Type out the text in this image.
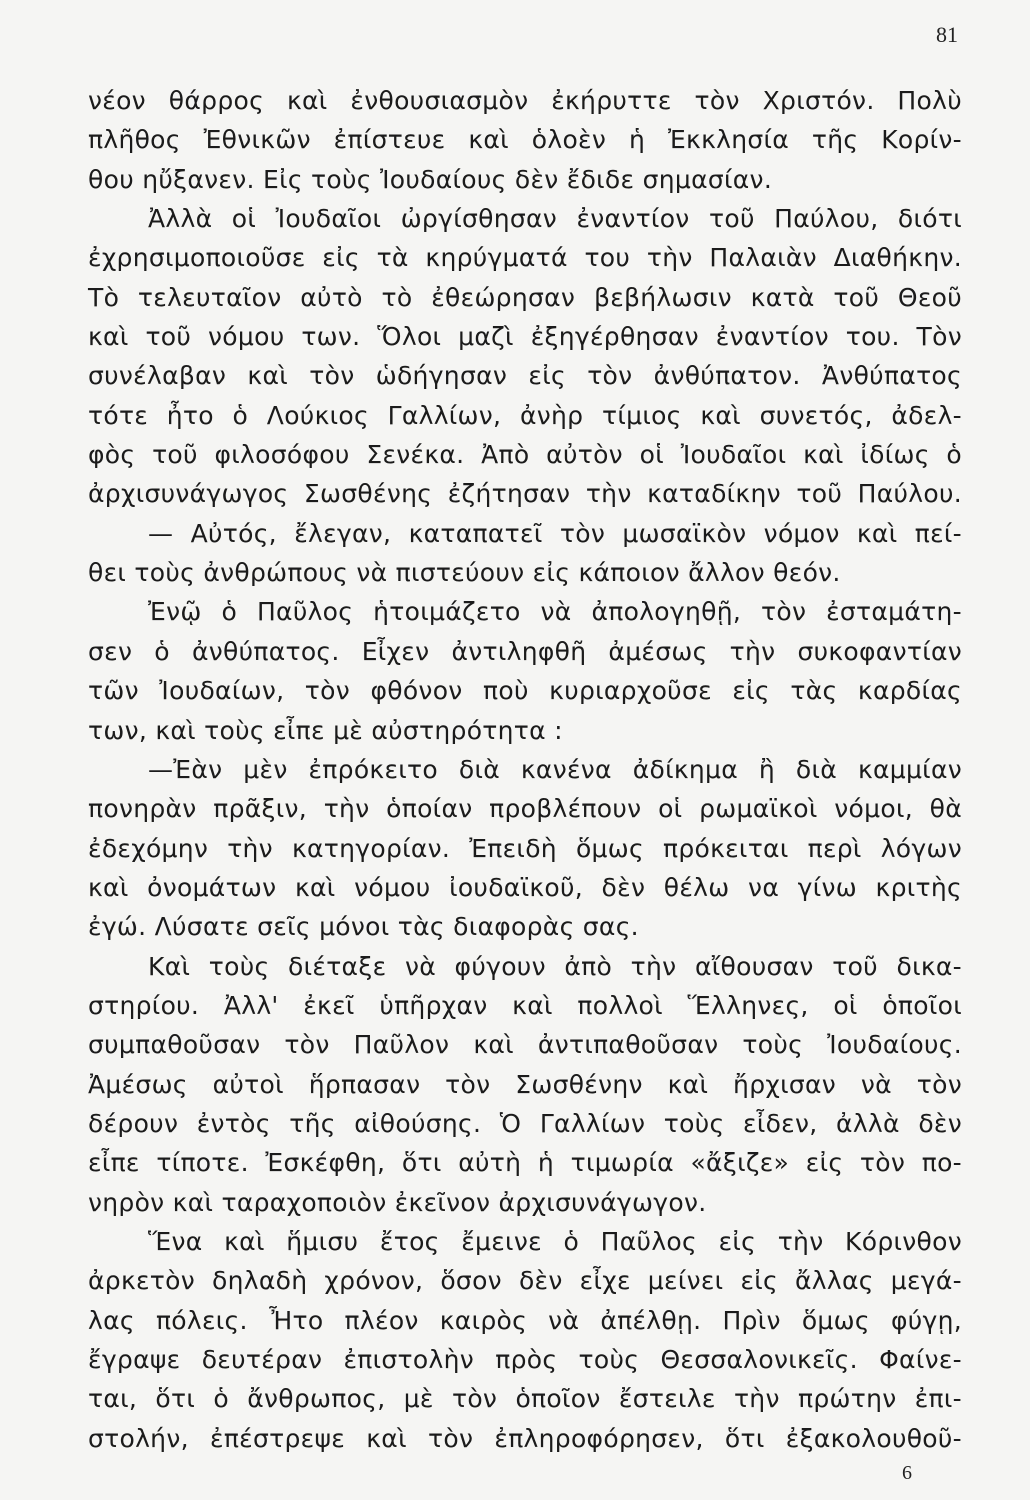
81
νέον θάρρος καὶ ἐνθουσιασμὸν ἐκήρυττε τὸν Χριστόν. Πολὺ
πλῆθος Ἐθνικῶν ἐπίστευε καὶ ὁλοὲν ἡ Ἐκκλησία τῆς Κορίν-
θου ηὔξανεν. Εἰς τοὺς Ἰουδαίους δὲν ἔδιδε σημασίαν.
Ἀλλὰ οἱ Ἰουδαῖοι ὠργίσθησαν ἐναντίον τοῦ Παύλου, διότι
ἐχρησιμοποιοῦσε εἰς τὰ κηρύγματά του τὴν Παλαιὰν Διαθήκην.
Τὸ τελευταῖον αὐτὸ τὸ ἐθεώρησαν βεβήλωσιν κατὰ τοῦ Θεοῦ
καὶ τοῦ νόμου των. Ὅλοι μαζὶ ἐξηγέρθησαν ἐναντίον του. Τὸν
συνέλαβαν καὶ τὸν ὡδήγησαν εἰς τὸν ἀνθύπατον. Ἀνθύπατος
τότε ἦτο ὁ Λούκιος Γαλλίων, ἀνὴρ τίμιος καὶ συνετός, ἀδελ-
φὸς τοῦ φιλοσόφου Σενέκα. Ἀπὸ αὐτὸν οἱ Ἰουδαῖοι καὶ ἰδίως ὁ
ἀρχισυνάγωγος Σωσθένης ἐζήτησαν τὴν καταδίκην τοῦ Παύλου.
— Αὐτός, ἔλεγαν, καταπατεῖ τὸν μωσαϊκὸν νόμον καὶ πεί-
θει τοὺς ἀνθρώπους νὰ πιστεύουν εἰς κάποιον ἄλλον θεόν.
Ἐνῷ ὁ Παῦλος ἡτοιμάζετο νὰ ἀπολογηθῇ, τὸν ἐσταμάτη-
σεν ὁ ἀνθύπατος. Εἶχεν ἀντιληφθῆ ἀμέσως τὴν συκοφαντίαν
τῶν Ἰουδαίων, τὸν φθόνον ποὺ κυριαρχοῦσε εἰς τὰς καρδίας
των, καὶ τοὺς εἶπε μὲ αὐστηρότητα :
—Ἐὰν μὲν ἐπρόκειτο διὰ κανένα ἀδίκημα ἢ διὰ καμμίαν
πονηρὰν πρᾶξιν, τὴν ὁποίαν προβλέπουν οἱ ρωμαϊκοὶ νόμοι, θὰ
ἐδεχόμην τὴν κατηγορίαν. Ἐπειδὴ ὅμως πρόκειται περὶ λόγων
καὶ ὀνομάτων καὶ νόμου ἰουδαϊκοῦ, δὲν θέλω να γίνω κριτὴς
ἐγώ. Λύσατε σεῖς μόνοι τὰς διαφορὰς σας.
Καὶ τοὺς διέταξε νὰ φύγουν ἀπὸ τὴν αἴθουσαν τοῦ δικα-
στηρίου. Ἀλλ' ἐκεῖ ὑπῆρχαν καὶ πολλοὶ Ἕλληνες, οἱ ὁποῖοι
συμπαθοῦσαν τὸν Παῦλον καὶ ἀντιπαθοῦσαν τοὺς Ἰουδαίους.
Ἀμέσως αὐτοὶ ἥρπασαν τὸν Σωσθένην καὶ ἤρχισαν νὰ τὸν
δέρουν ἐντὸς τῆς αἰθούσης. Ὁ Γαλλίων τοὺς εἶδεν, ἀλλὰ δὲν
εἶπε τίποτε. Ἐσκέφθη, ὅτι αὐτὴ ἡ τιμωρία «ἄξιζε» εἰς τὸν πο-
νηρὸν καὶ ταραχοποιὸν ἐκεῖνον ἀρχισυνάγωγον.
Ἕνα καὶ ἥμισυ ἔτος ἔμεινε ὁ Παῦλος εἰς τὴν Κόρινθον
ἀρκετὸν δηλαδὴ χρόνον, ὅσον δὲν εἶχε μείνει εἰς ἄλλας μεγά-
λας πόλεις. Ἦτο πλέον καιρὸς νὰ ἀπέλθῃ. Πρὶν ὅμως φύγῃ,
ἔγραψε δευτέραν ἐπιστολὴν πρὸς τοὺς Θεσσαλονικεῖς. Φαίνε-
ται, ὅτι ὁ ἄνθρωπος, μὲ τὸν ὁποῖον ἔστειλε τὴν πρώτην ἐπι-
στολήν, ἐπέστρεψε καὶ τὸν ἐπληροφόρησεν, ὅτι ἐξακολουθοῦ-
6
